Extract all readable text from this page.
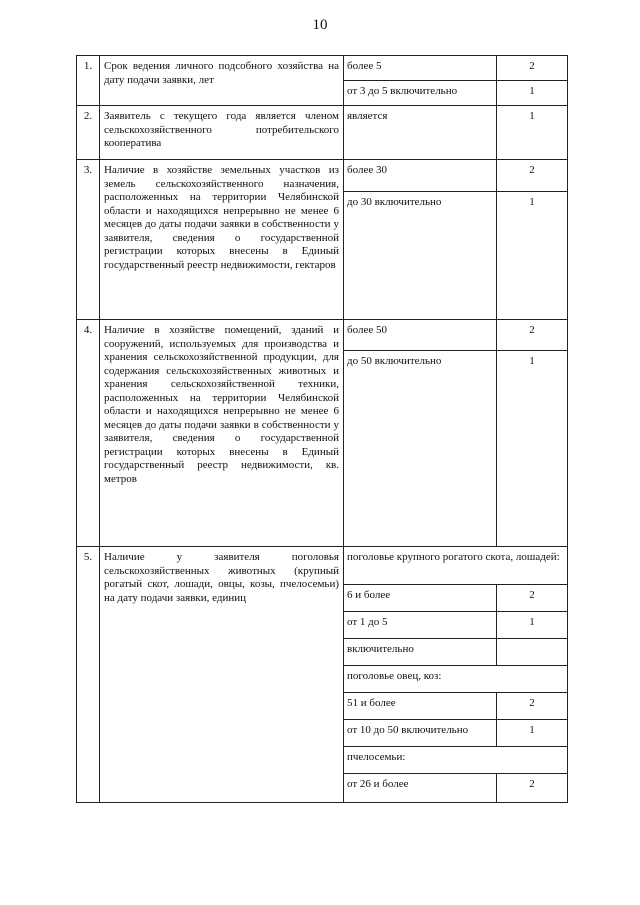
10
1.	Срок ведения личного подсобного хозяйства на дату подачи заявки, лет	более 5	2
		от 3 до 5 включительно	1
2.	Заявитель с текущего года является членом сельскохозяйственного потребительского кооператива	является	1
3.	Наличие в хозяйстве земельных участков из земель сельскохозяйственного назначения, расположенных на территории Челябинской области и находящихся непрерывно не менее 6 месяцев до даты подачи заявки в собственности у заявителя, сведения о государственной регистрации которых внесены в Единый государственный реестр недвижимости, гектаров	более 30	2
		до 30 включительно	1
4.	Наличие в хозяйстве помещений, зданий и сооружений, используемых для производства и хранения сельскохозяйственной продукции, для содержания сельскохозяйственных животных и хранения сельскохозяйственной техники, расположенных на территории Челябинской области и находящихся непрерывно не менее 6 месяцев до даты подачи заявки в собственности у заявителя, сведения о государственной регистрации которых внесены в Единый государственный реестр недвижимости, кв. метров	более 50	2
		до 50 включительно	1
5.	Наличие у заявителя поголовья сельскохозяйственных животных (крупный рогатый скот, лошади, овцы, козы, пчелосемьи) на дату подачи заявки, единиц	поголовье крупного рогатого скота, лошадей:	
		6 и более	2
		от 1 до 5	1
		включительно	
		поголовье овец, коз:	
		51 и более	2
		от 10 до 50 включительно	1
		пчелосемьи:	
		от 26 и более	2
